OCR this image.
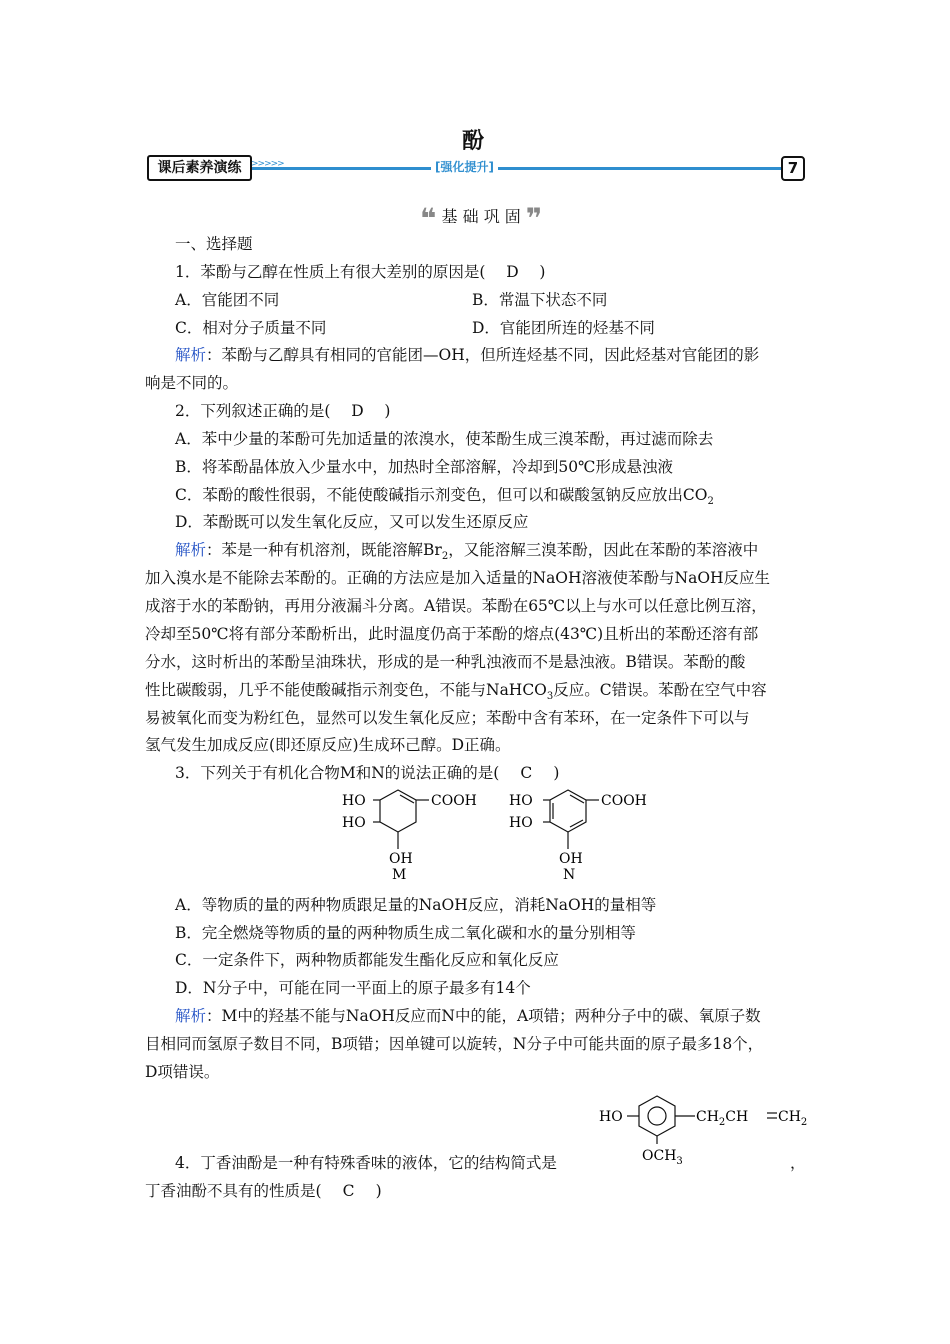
酚
课后素养演练	>>>>>	[强化提升]	7
❝ 基 础 巩 固 ❞
一、选择题
1．苯酚与乙醇在性质上有很大差别的原因是( D )
A．官能团不同	B．常温下状态不同
C．相对分子质量不同	D．官能团所连的烃基不同
解析：苯酚与乙醇具有相同的官能团—OH，但所连烃基不同，因此烃基对官能团的影
响是不同的。
2．下列叙述正确的是( D )
A．苯中少量的苯酚可先加适量的浓溴水，使苯酚生成三溴苯酚，再过滤而除去
B．将苯酚晶体放入少量水中，加热时全部溶解，冷却到50℃形成悬浊液
C．苯酚的酸性很弱，不能使酸碱指示剂变色，但可以和碳酸氢钠反应放出$CO_2$
D．苯酚既可以发生氧化反应，又可以发生还原反应
解析：苯是一种有机溶剂，既能溶解$Br_2$，又能溶解三溴苯酚，因此在苯酚的苯溶液中
加入溴水是不能除去苯酚的。正确的方法应是加入适量的NaOH溶液使苯酚与NaOH反应生
成溶于水的苯酚钠，再用分液漏斗分离。A错误。苯酚在65℃以上与水可以任意比例互溶，
冷却至50℃将有部分苯酚析出，此时温度仍高于苯酚的熔点(43℃)且析出的苯酚还溶有部
分水，这时析出的苯酚呈油珠状，形成的是一种乳浊液而不是悬浊液。B错误。苯酚的酸
性比碳酸弱，几乎不能使酸碱指示剂变色，不能与NaHCO$_3$反应。C错误。苯酚在空气中容
易被氧化而变为粉红色，显然可以发生氧化反应；苯酚中含有苯环，在一定条件下可以与
氢气发生加成反应(即还原反应)生成环己醇。D正确。
3．下列关于有机化合物M和N的说法正确的是( C )
HO
HO
COOH
OH
M
HO
HO
COOH
OH
N
A．等物质的量的两种物质跟足量的NaOH反应，消耗NaOH的量相等
B．完全燃烧等物质的量的两种物质生成二氧化碳和水的量分别相等
C．一定条件下，两种物质都能发生酯化反应和氧化反应
D．N分子中，可能在同一平面上的原子最多有14个
解析：M中的羟基不能与NaOH反应而N中的能，A项错；两种分子中的碳、氧原子数
目相同而氢原子数目不同，B项错；因单键可以旋转，N分子中可能共面的原子最多18个，
D项错误。
HO	$CH_2CH$ $CH_2$
$OCH_3$
4．丁香油酚是一种有特殊香味的液体，它的结构简式是	，
丁香油酚不具有的性质是( C )
